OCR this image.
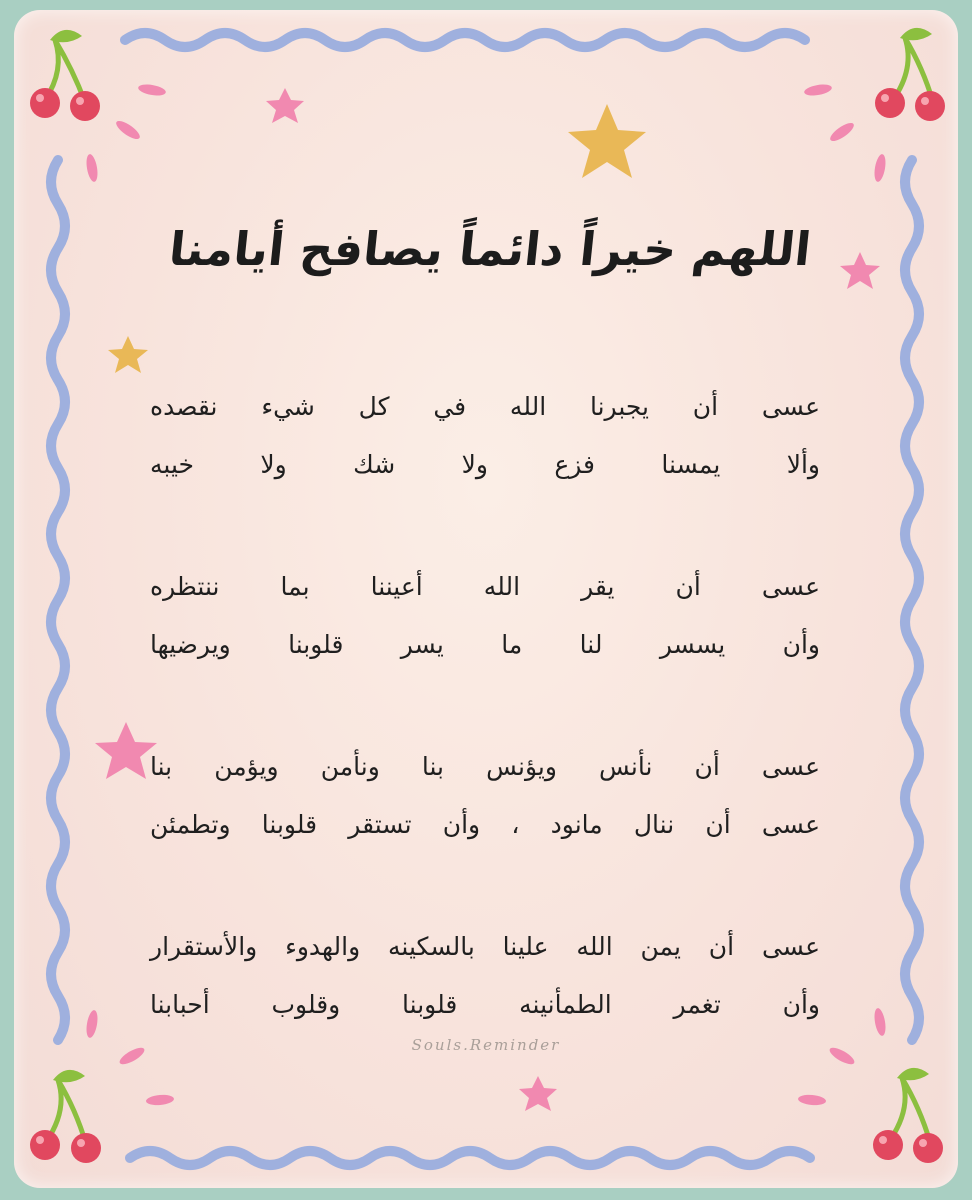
اللهم خيراً دائماً يصافح أيامنا
عسى أن يجبرنا الله في كل شيء نقصده
وألا يمسنا فزع ولا شك ولا خيبه
عسى أن يقر الله أعيننا بما ننتظره
وأن يسسر لنا ما يسر قلوبنا ويرضيها
عسى أن نأنس ويؤنس بنا ونأمن ويؤمن بنا
عسى أن ننال مانود ، وأن تستقر قلوبنا وتطمئن
عسى أن يمن الله علينا بالسكينه والهدوء والأستقرار
وأن تغمر الطمأنينه قلوبنا وقلوب أحبابنا
Souls.Reminder
